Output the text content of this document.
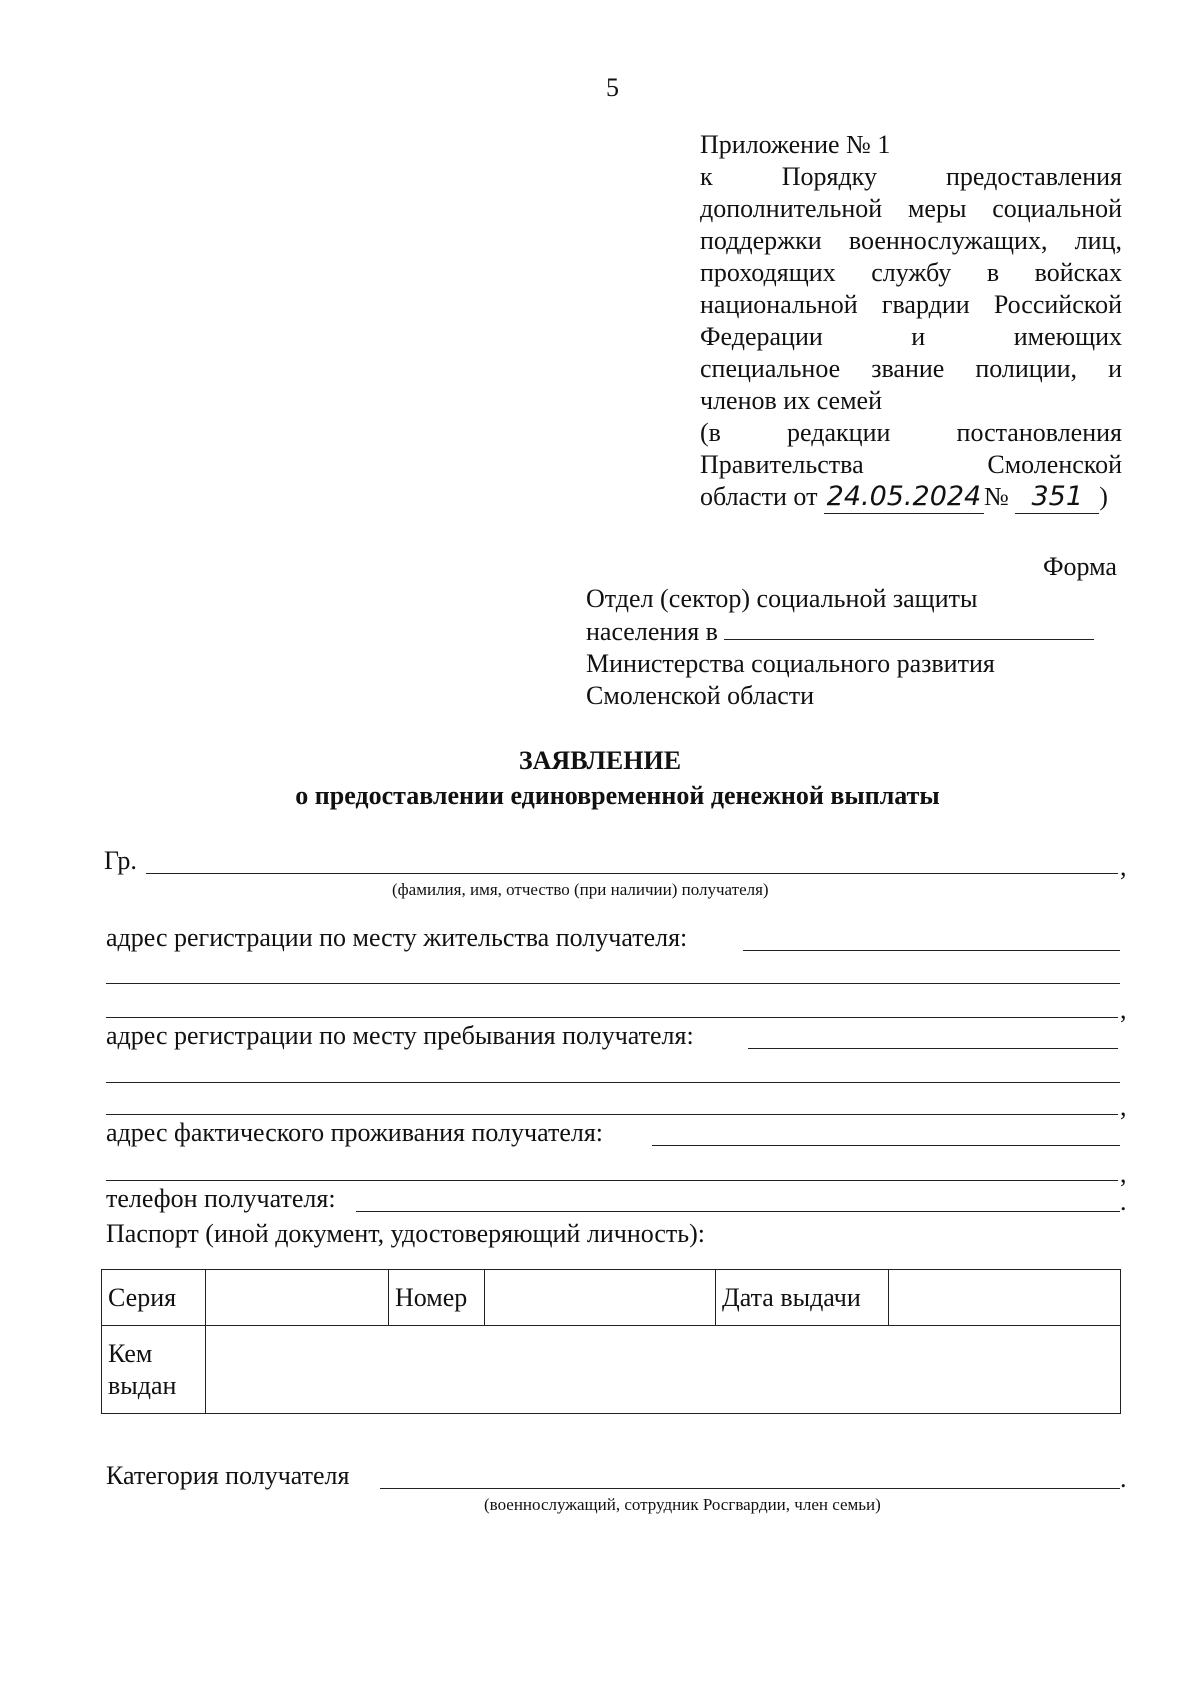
5
Приложение № 1
к Порядку предоставления
дополнительной меры социальной
поддержки военнослужащих, лиц,
проходящих службу в войсках
национальной гвардии Российской
Федерации и имеющих
специальное звание полиции, и
членов их семей
(в редакции постановления
Правительства Смоленской
области от 24.05.2024 № 351 )
Форма
Отдел (сектор) социальной защиты
населения в
Министерства социального развития
Смоленской области
ЗАЯВЛЕНИЕ
о предоставлении единовременной денежной выплаты
Гр.	,
(фамилия, имя, отчество (при наличии) получателя)
адрес регистрации по месту жительства получателя:
,
адрес регистрации по месту пребывания получателя:
,
адрес фактического проживания получателя:
,
телефон получателя:	.
Паспорт (иной документ, удостоверяющий личность):
Серия		Номер		Дата выдачи	

Кем
выдан					

Категория получателя	.
(военнослужащий, сотрудник Росгвардии, член семьи)
